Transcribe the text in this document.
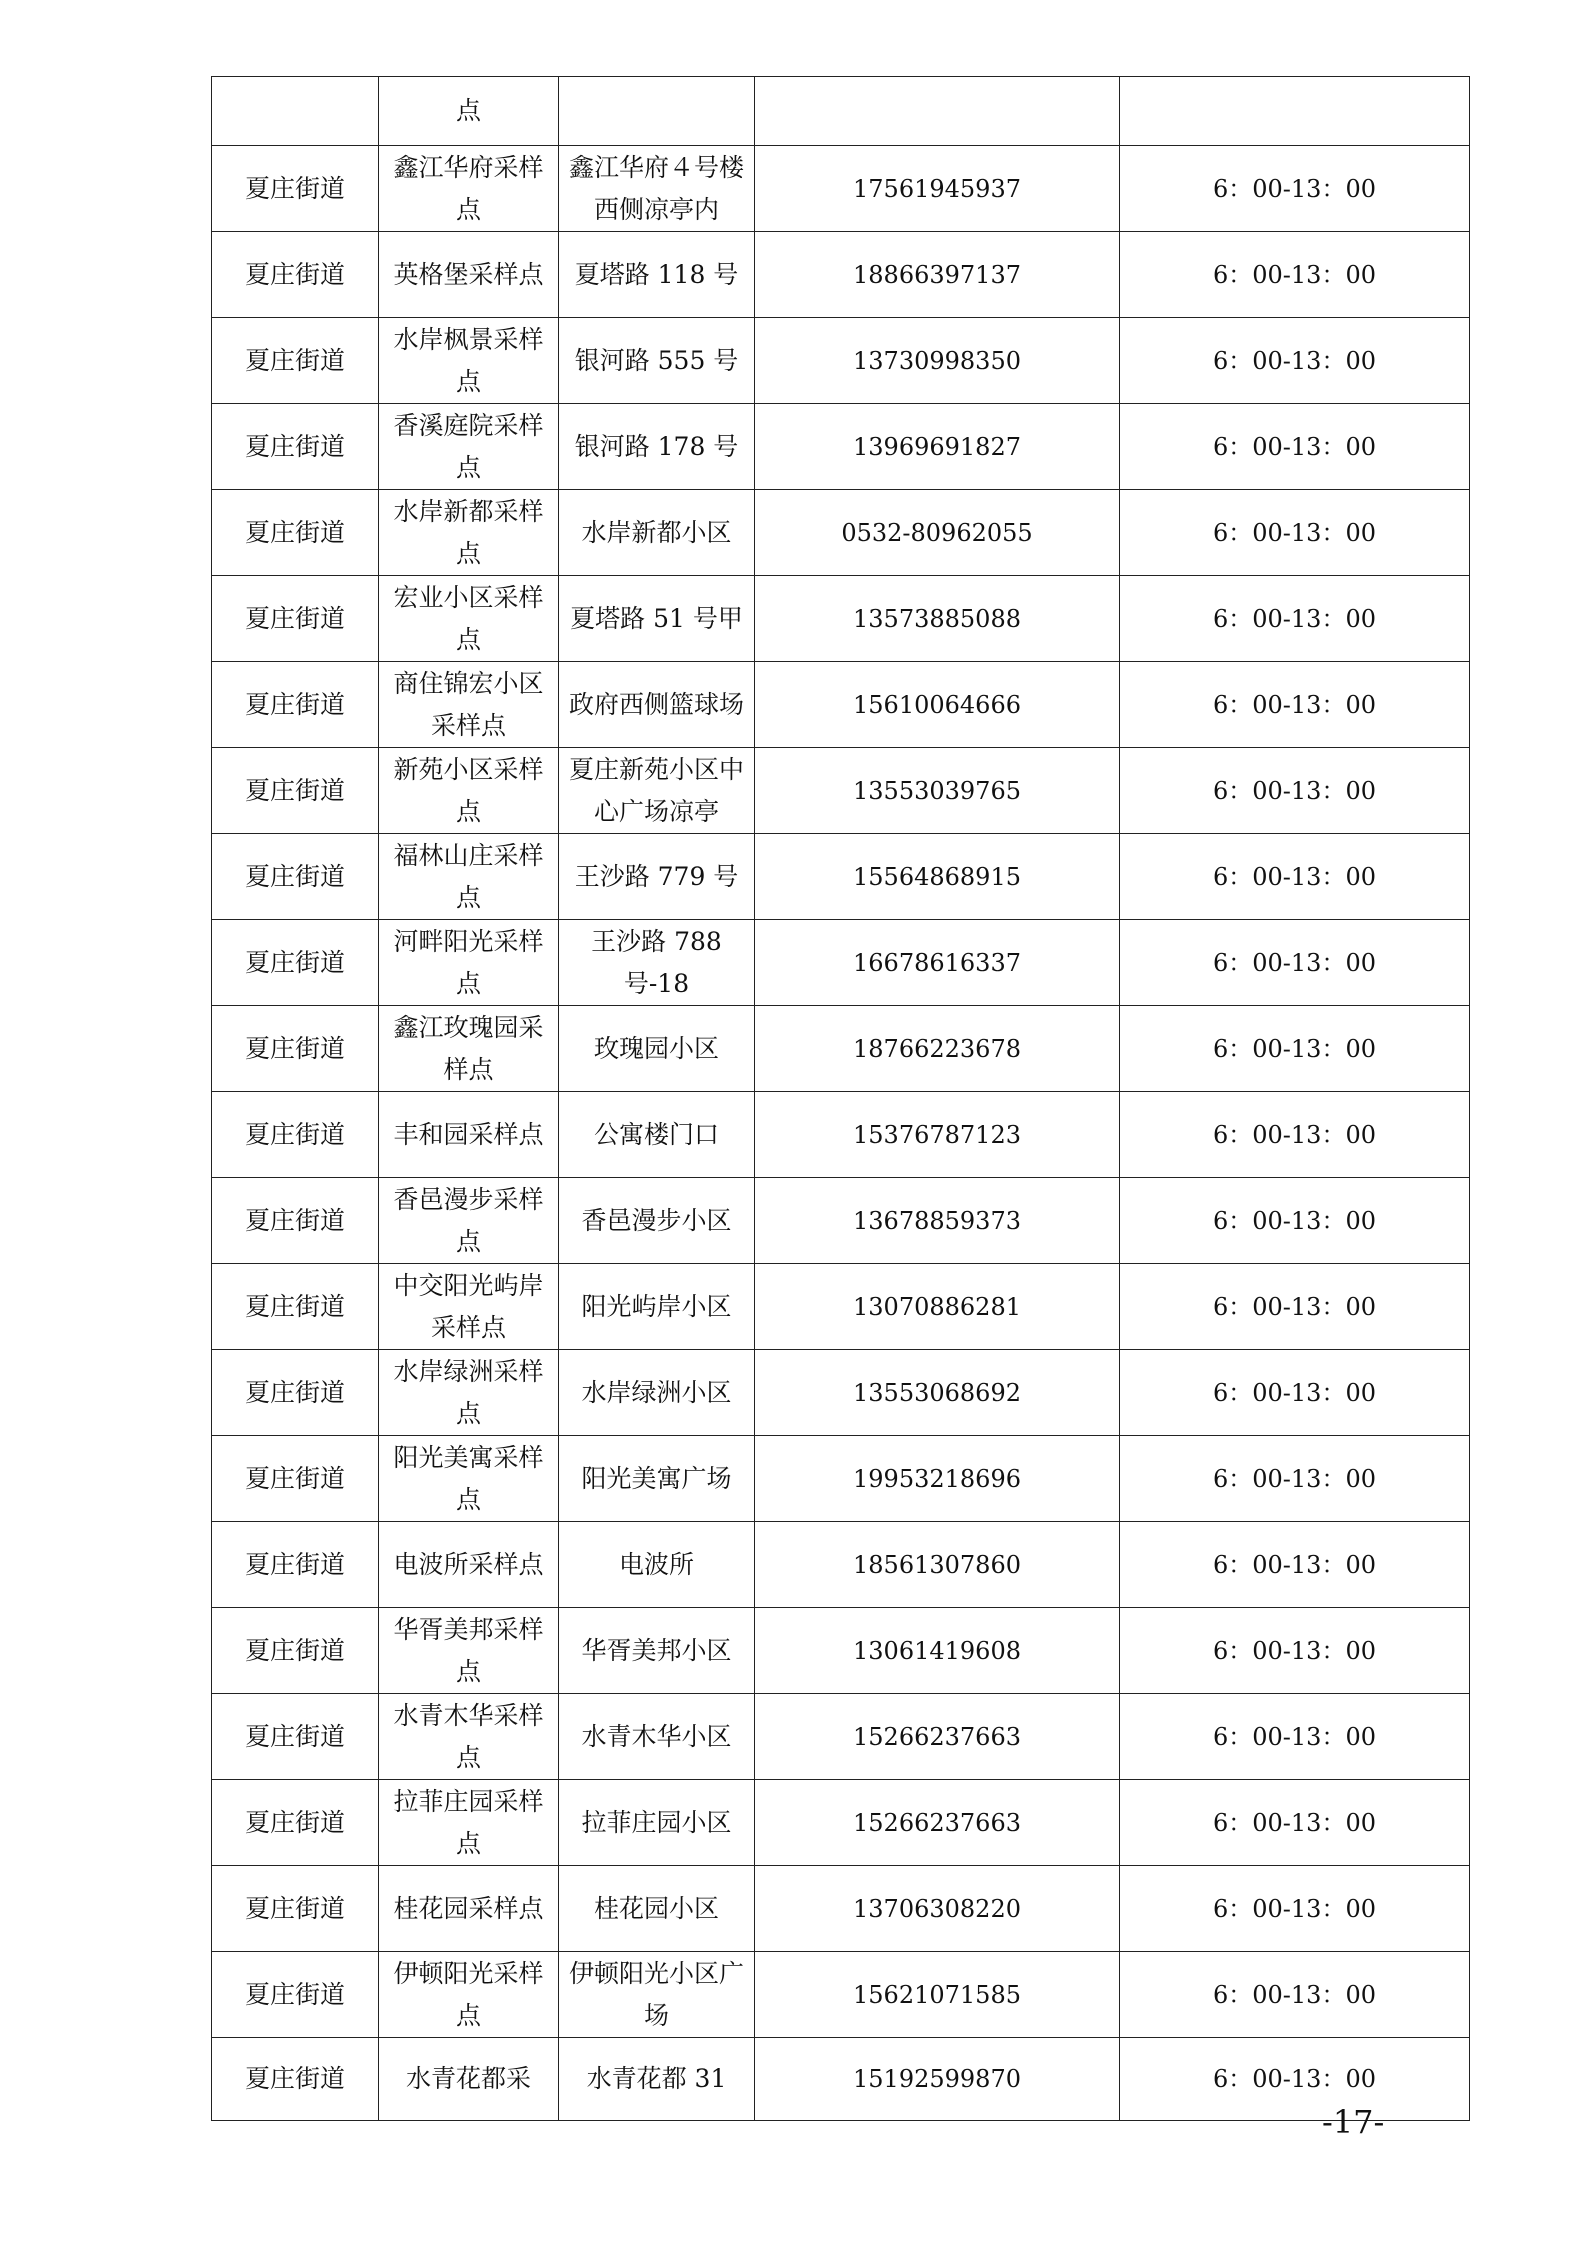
	点			
夏庄街道	鑫江华府采样点	鑫江华府４号楼西侧凉亭内	17561945937	6：00-13：00
夏庄街道	英格堡采样点	夏塔路 118 号	18866397137	6：00-13：00
夏庄街道	水岸枫景采样点	银河路 555 号	13730998350	6：00-13：00
夏庄街道	香溪庭院采样点	银河路 178 号	13969691827	6：00-13：00
夏庄街道	水岸新都采样点	水岸新都小区	0532-80962055	6：00-13：00
夏庄街道	宏业小区采样点	夏塔路 51 号甲	13573885088	6：00-13：00
夏庄街道	商住锦宏小区采样点	政府西侧篮球场	15610064666	6：00-13：00
夏庄街道	新苑小区采样点	夏庄新苑小区中心广场凉亭	13553039765	6：00-13：00
夏庄街道	福林山庄采样点	王沙路 779 号	15564868915	6：00-13：00
夏庄街道	河畔阳光采样点	王沙路 788 号-18	16678616337	6：00-13：00
夏庄街道	鑫江玫瑰园采样点	玫瑰园小区	18766223678	6：00-13：00
夏庄街道	丰和园采样点	公寓楼门口	15376787123	6：00-13：00
夏庄街道	香邑漫步采样点	香邑漫步小区	13678859373	6：00-13：00
夏庄街道	中交阳光屿岸采样点	阳光屿岸小区	13070886281	6：00-13：00
夏庄街道	水岸绿洲采样点	水岸绿洲小区	13553068692	6：00-13：00
夏庄街道	阳光美寓采样点	阳光美寓广场	19953218696	6：00-13：00
夏庄街道	电波所采样点	电波所	18561307860	6：00-13：00
夏庄街道	华胥美邦采样点	华胥美邦小区	13061419608	6：00-13：00
夏庄街道	水青木华采样点	水青木华小区	15266237663	6：00-13：00
夏庄街道	拉菲庄园采样点	拉菲庄园小区	15266237663	6：00-13：00
夏庄街道	桂花园采样点	桂花园小区	13706308220	6：00-13：00
夏庄街道	伊顿阳光采样点	伊顿阳光小区广场	15621071585	6：00-13：00
夏庄街道	水青花都采	水青花都 31	15192599870	6：00-13：00
-17-
